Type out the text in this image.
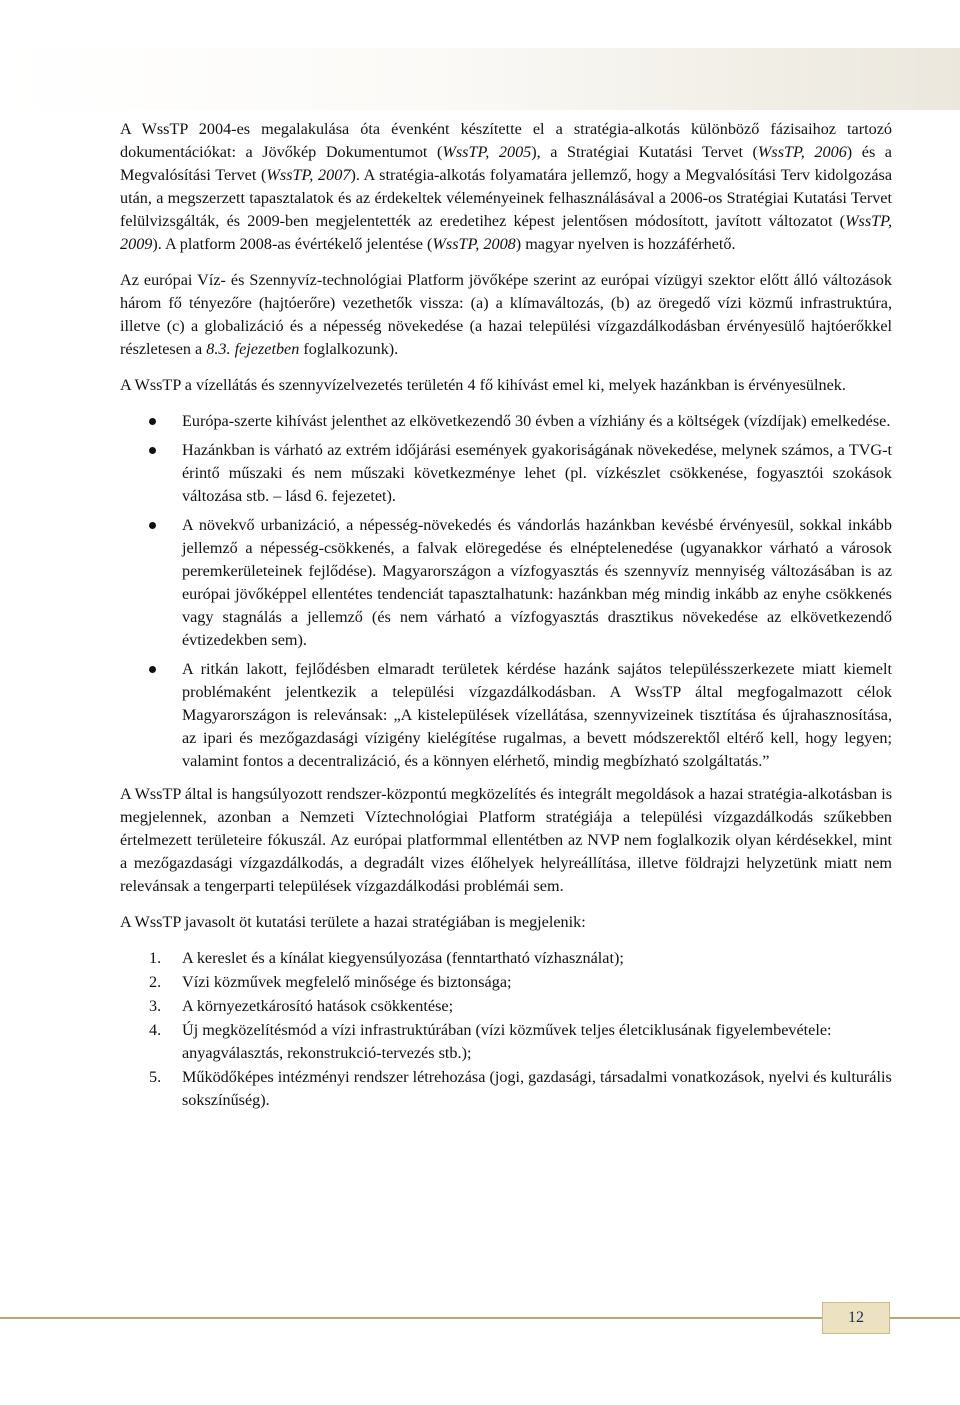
A WssTP 2004-es megalakulása óta évenként készítette el a stratégia-alkotás különböző fázisaihoz tartozó dokumentációkat: a Jövőkép Dokumentumot (WssTP, 2005), a Stratégiai Kutatási Tervet (WssTP, 2006) és a Megvalósítási Tervet (WssTP, 2007). A stratégia-alkotás folyamatára jellemző, hogy a Megvalósítási Terv kidolgozása után, a megszerzett tapasztalatok és az érdekeltek véleményeinek felhasználásával a 2006-os Stratégiai Kutatási Tervet felülvizsgálták, és 2009-ben megjelentették az eredetihez képest jelentősen módosított, javított változatot (WssTP, 2009). A platform 2008-as évértékelő jelentése (WssTP, 2008) magyar nyelven is hozzáférhető.

Az európai Víz- és Szennyvíz-technológiai Platform jövőképe szerint az európai vízügyi szektor előtt álló változások három fő tényezőre (hajtóerőre) vezethetők vissza: (a) a klímaváltozás, (b) az öregedő vízi közmű infrastruktúra, illetve (c) a globalizáció és a népesség növekedése (a hazai települési vízgazdálkodásban érvényesülő hajtóerőkkel részletesen a 8.3. fejezetben foglalkozunk).

A WssTP a vízellátás és szennyvízelvezetés területén 4 fő kihívást emel ki, melyek hazánkban is érvényesülnek.

Európa-szerte kihívást jelenthet az elkövetkezendő 30 évben a vízhiány és a költségek (vízdíjak) emelkedése.
Hazánkban is várható az extrém időjárási események gyakoriságának növekedése, melynek számos, a TVG-t érintő műszaki és nem műszaki következménye lehet (pl. vízkészlet csökkenése, fogyasztói szokások változása stb. – lásd 6. fejezetet).
A növekvő urbanizáció, a népesség-növekedés és vándorlás hazánkban kevésbé érvényesül, sokkal inkább jellemző a népesség-csökkenés, a falvak elöregedése és elnéptelenedése (ugyanakkor várható a városok peremkerületeinek fejlődése). Magyarországon a vízfogyasztás és szennyvíz mennyiség változásában is az európai jövőképpel ellentétes tendenciát tapasztalhatunk: hazánkban még mindig inkább az enyhe csökkenés vagy stagnálás a jellemző (és nem várható a vízfogyasztás drasztikus növekedése az elkövetkezendő évtizedekben sem).
A ritkán lakott, fejlődésben elmaradt területek kérdése hazánk sajátos településszerkezete miatt kiemelt problémaként jelentkezik a települési vízgazdálkodásban. A WssTP által megfogalmazott célok Magyarországon is relevánsak: „A kistelepülések vízellátása, szennyvizeinek tisztítása és újrahasznosítása, az ipari és mezőgazdasági vízigény kielégítése rugalmas, a bevett módszerektől eltérő kell, hogy legyen; valamint fontos a decentralizáció, és a könnyen elérhető, mindig megbízható szolgáltatás.”

A WssTP által is hangsúlyozott rendszer-központú megközelítés és integrált megoldások a hazai stratégia-alkotásban is megjelennek, azonban a Nemzeti Víztechnológiai Platform stratégiája a települési vízgazdálkodás szűkebben értelmezett területeire fókuszál. Az európai platformmal ellentétben az NVP nem foglalkozik olyan kérdésekkel, mint a mezőgazdasági vízgazdálkodás, a degradált vizes élőhelyek helyreállítása, illetve földrajzi helyzetünk miatt nem relevánsak a tengerparti települések vízgazdálkodási problémái sem.

A WssTP javasolt öt kutatási területe a hazai stratégiában is megjelenik:

1. A kereslet és a kínálat kiegyensúlyozása (fenntartható vízhasználat);
2. Vízi közművek megfelelő minősége és biztonsága;
3. A környezetkárosító hatások csökkentése;
4. Új megközelítésmód a vízi infrastruktúrában (vízi közművek teljes életciklusának figyelembevétele: anyagválasztás, rekonstrukció-tervezés stb.);
5. Működőképes intézményi rendszer létrehozása (jogi, gazdasági, társadalmi vonatkozások, nyelvi és kulturális sokszínűség).
12
